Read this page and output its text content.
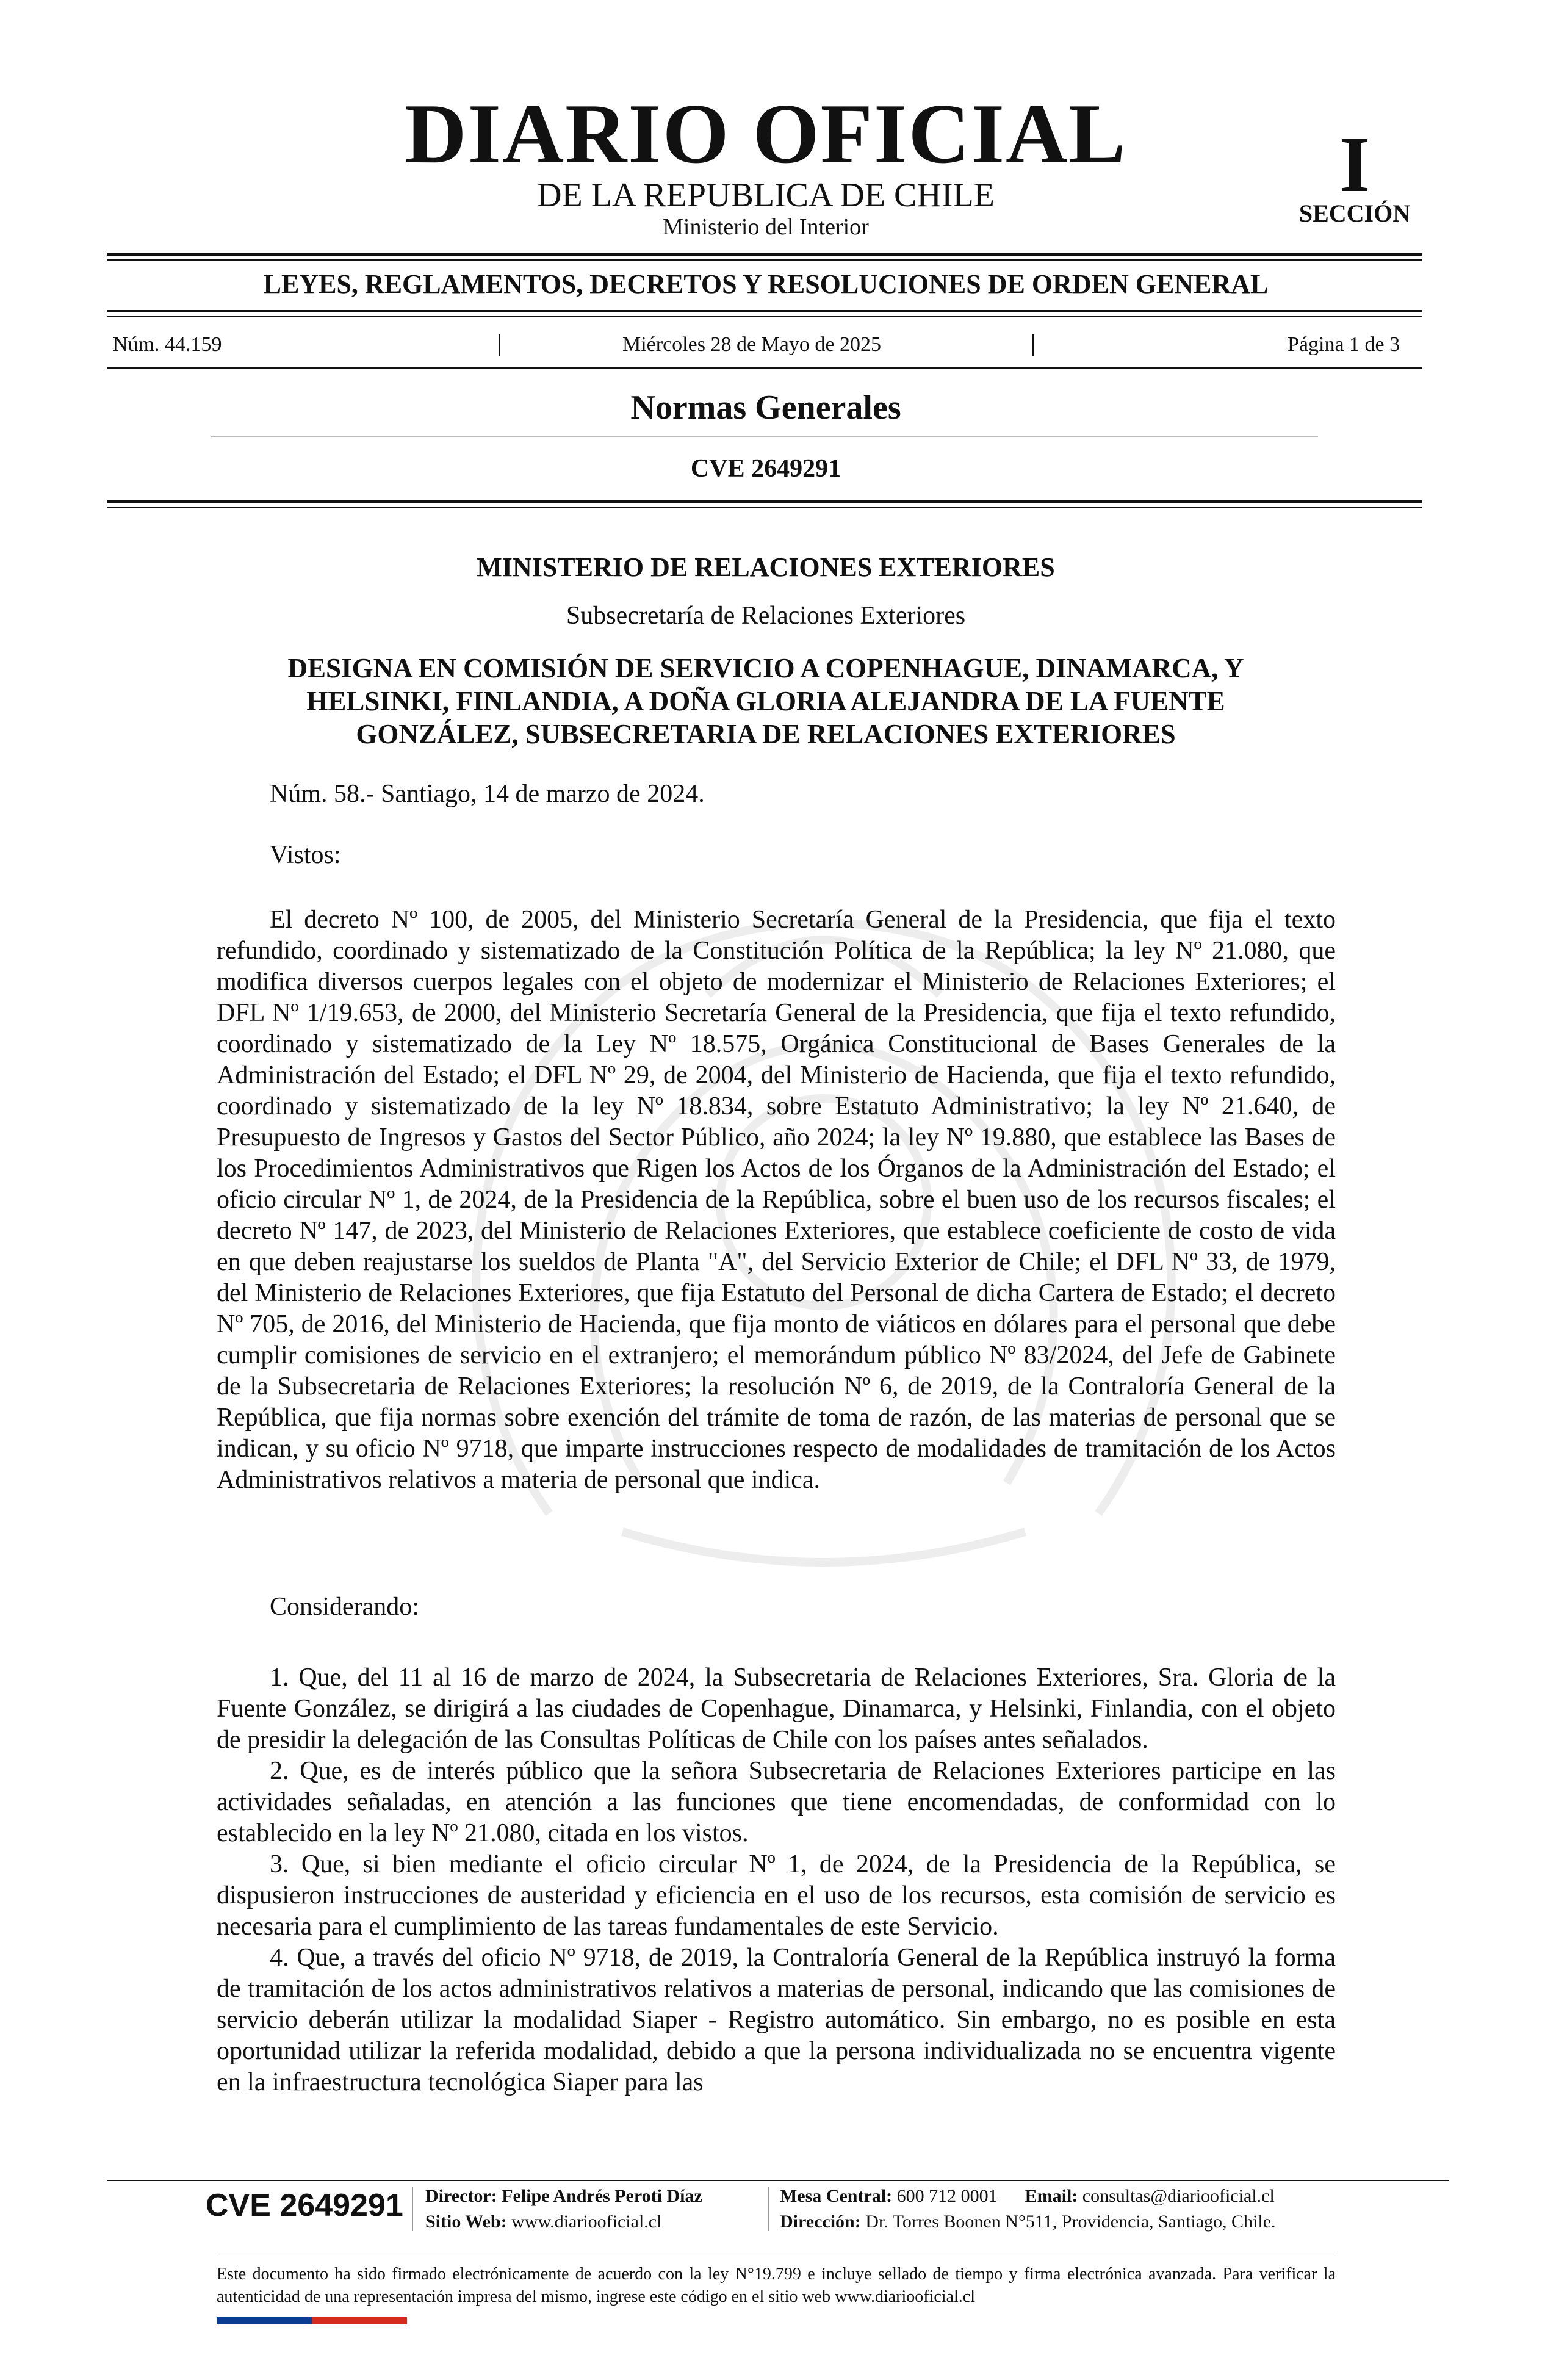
DIARIO OFICIAL
DE LA REPUBLICA DE CHILE
Ministerio del Interior
I
SECCIÓN
LEYES, REGLAMENTOS, DECRETOS Y RESOLUCIONES DE ORDEN GENERAL
Núm. 44.159	Miércoles 28 de Mayo de 2025	Página 1 de 3
Normas Generales
CVE 2649291
MINISTERIO DE RELACIONES EXTERIORES
Subsecretaría de Relaciones Exteriores
DESIGNA EN COMISIÓN DE SERVICIO A COPENHAGUE, DINAMARCA, Y HELSINKI, FINLANDIA, A DOÑA GLORIA ALEJANDRA DE LA FUENTE GONZÁLEZ, SUBSECRETARIA DE RELACIONES EXTERIORES
Núm. 58.- Santiago, 14 de marzo de 2024.
Vistos:

El decreto Nº 100, de 2005, del Ministerio Secretaría General de la Presidencia, que fija el texto refundido, coordinado y sistematizado de la Constitución Política de la República; la ley Nº 21.080, que modifica diversos cuerpos legales con el objeto de modernizar el Ministerio de Relaciones Exteriores; el DFL Nº 1/19.653, de 2000, del Ministerio Secretaría General de la Presidencia, que fija el texto refundido, coordinado y sistematizado de la Ley Nº 18.575, Orgánica Constitucional de Bases Generales de la Administración del Estado; el DFL Nº 29, de 2004, del Ministerio de Hacienda, que fija el texto refundido, coordinado y sistematizado de la ley Nº 18.834, sobre Estatuto Administrativo; la ley Nº 21.640, de Presupuesto de Ingresos y Gastos del Sector Público, año 2024; la ley Nº 19.880, que establece las Bases de los Procedimientos Administrativos que Rigen los Actos de los Órganos de la Administración del Estado; el oficio circular Nº 1, de 2024, de la Presidencia de la República, sobre el buen uso de los recursos fiscales; el decreto Nº 147, de 2023, del Ministerio de Relaciones Exteriores, que establece coeficiente de costo de vida en que deben reajustarse los sueldos de Planta "A", del Servicio Exterior de Chile; el DFL Nº 33, de 1979, del Ministerio de Relaciones Exteriores, que fija Estatuto del Personal de dicha Cartera de Estado; el decreto Nº 705, de 2016, del Ministerio de Hacienda, que fija monto de viáticos en dólares para el personal que debe cumplir comisiones de servicio en el extranjero; el memorándum público Nº 83/2024, del Jefe de Gabinete de la Subsecretaria de Relaciones Exteriores; la resolución Nº 6, de 2019, de la Contraloría General de la República, que fija normas sobre exención del trámite de toma de razón, de las materias de personal que se indican, y su oficio Nº 9718, que imparte instrucciones respecto de modalidades de tramitación de los Actos Administrativos relativos a materia de personal que indica.

Considerando:

1. Que, del 11 al 16 de marzo de 2024, la Subsecretaria de Relaciones Exteriores, Sra. Gloria de la Fuente González, se dirigirá a las ciudades de Copenhague, Dinamarca, y Helsinki, Finlandia, con el objeto de presidir la delegación de las Consultas Políticas de Chile con los países antes señalados.

2. Que, es de interés público que la señora Subsecretaria de Relaciones Exteriores participe en las actividades señaladas, en atención a las funciones que tiene encomendadas, de conformidad con lo establecido en la ley Nº 21.080, citada en los vistos.

3. Que, si bien mediante el oficio circular Nº 1, de 2024, de la Presidencia de la República, se dispusieron instrucciones de austeridad y eficiencia en el uso de los recursos, esta comisión de servicio es necesaria para el cumplimiento de las tareas fundamentales de este Servicio.

4. Que, a través del oficio Nº 9718, de 2019, la Contraloría General de la República instruyó la forma de tramitación de los actos administrativos relativos a materias de personal, indicando que las comisiones de servicio deberán utilizar la modalidad Siaper - Registro automático. Sin embargo, no es posible en esta oportunidad utilizar la referida modalidad, debido a que la persona individualizada no se encuentra vigente en la infraestructura tecnológica Siaper para las

CVE 2649291 Director: Felipe Andrés Peroti Díaz
Sitio Web: www.diariooficial.cl
Mesa Central: 600 712 0001 Email: consultas@diariooficial.cl
Dirección: Dr. Torres Boonen N°511, Providencia, Santiago, Chile.
Este documento ha sido firmado electrónicamente de acuerdo con la ley N°19.799 e incluye sellado de tiempo y firma electrónica avanzada. Para verificar la autenticidad de una representación impresa del mismo, ingrese este código en el sitio web www.diariooficial.cl
